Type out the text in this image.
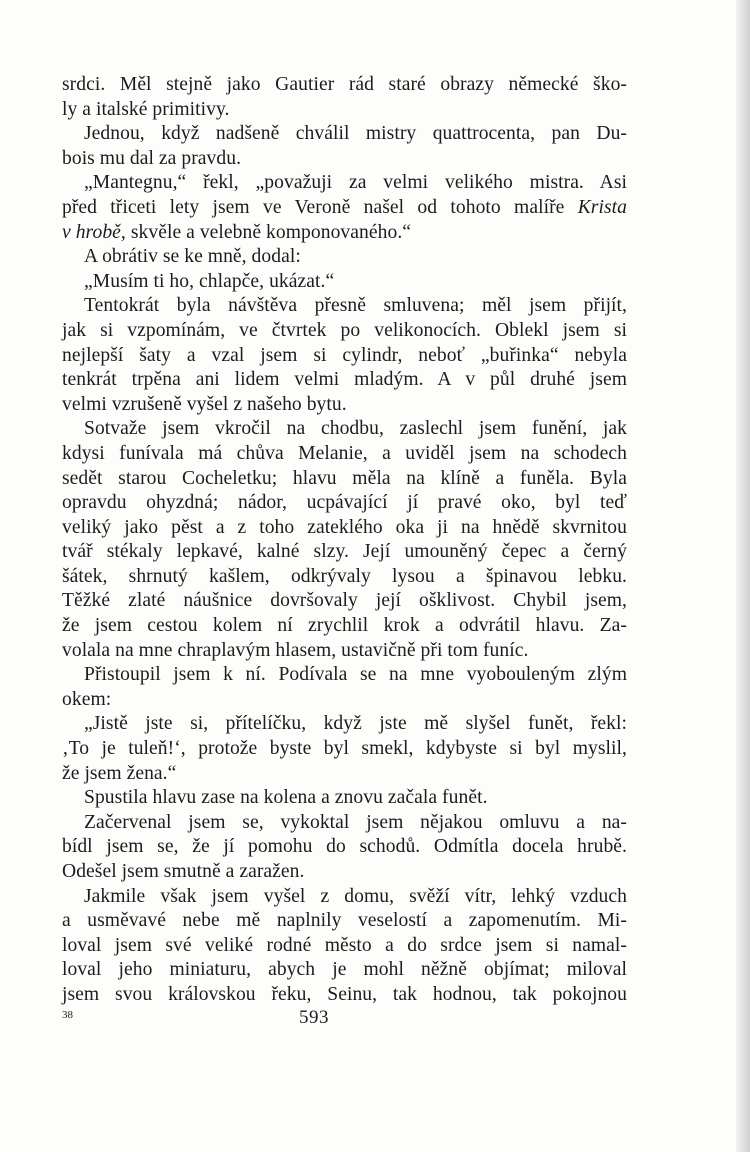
srdci. Měl stejně jako Gautier rád staré obrazy německé ško-
ly a italské primitivy.
Jednou, když nadšeně chválil mistry quattrocenta, pan Du-
bois mu dal za pravdu.
„Mantegnu,“ řekl, „považuji za velmi velikého mistra. Asi
před třiceti lety jsem ve Veroně našel od tohoto malíře Krista
v hrobě, skvěle a velebně komponovaného.“
A obrátiv se ke mně, dodal:
„Musím ti ho, chlapče, ukázat.“
Tentokrát byla návštěva přesně smluvena; měl jsem přijít,
jak si vzpomínám, ve čtvrtek po velikonocích. Oblekl jsem si
nejlepší šaty a vzal jsem si cylindr, neboť „buřinka“ nebyla
tenkrát trpěna ani lidem velmi mladým. A v půl druhé jsem
velmi vzrušeně vyšel z našeho bytu.
Sotvaže jsem vkročil na chodbu, zaslechl jsem funění, jak
kdysi funívala má chůva Melanie, a uviděl jsem na schodech
sedět starou Cocheletku; hlavu měla na klíně a funěla. Byla
opravdu ohyzdná; nádor, ucpávající jí pravé oko, byl teď
veliký jako pěst a z toho zateklého oka ji na hnědě skvrnitou
tvář stékaly lepkavé, kalné slzy. Její umouněný čepec a černý
šátek, shrnutý kašlem, odkrývaly lysou a špinavou lebku.
Těžké zlaté náušnice dovršovaly její ošklivost. Chybil jsem,
že jsem cestou kolem ní zrychlil krok a odvrátil hlavu. Za-
volala na mne chraplavým hlasem, ustavičně při tom funíc.
Přistoupil jsem k ní. Podívala se na mne vyobouleným zlým
okem:
„Jistě jste si, přítelíčku, když jste mě slyšel funět, řekl:
‚To je tuleň!‘, protože byste byl smekl, kdybyste si byl myslil,
že jsem žena.“
Spustila hlavu zase na kolena a znovu začala funět.
Začervenal jsem se, vykoktal jsem nějakou omluvu a na-
bídl jsem se, že jí pomohu do schodů. Odmítla docela hrubě.
Odešel jsem smutně a zaražen.
Jakmile však jsem vyšel z domu, svěží vítr, lehký vzduch
a usměvavé nebe mě naplnily veselostí a zapomenutím. Mi-
loval jsem své veliké rodné město a do srdce jsem si namal-
loval jeho miniaturu, abych je mohl něžně objímat; miloval
jsem svou královskou řeku, Seinu, tak hodnou, tak pokojnou
38	593
